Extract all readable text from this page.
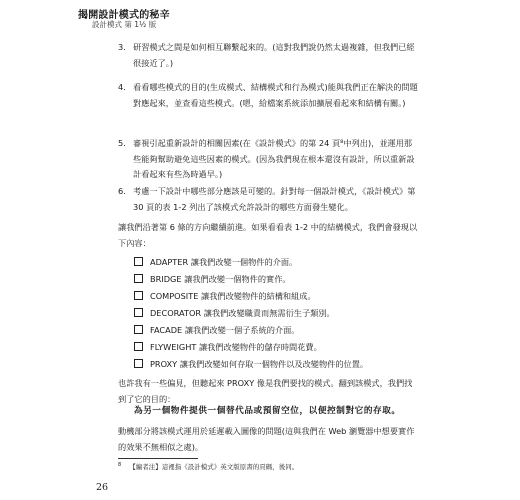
揭開設計模式的秘辛
設計模式 第 1½ 版
3. 研習模式之間是如何相互聯繫起來的。(這對我們說仍然太過複雜，但我們已經很接近了。)
4. 看看哪些模式的目的(生成模式、結構模式和行為模式)能與我們正在解決的問題對應起來，並查看這些模式。(嗯，給檔案系統添加擴展看起來和結構有關。)
5. 審視引起重新設計的相關因素(在《設計模式》的第 24 頁⁸中列出)，並運用那些能夠幫助避免這些因素的模式。(因為我們現在根本還沒有設計，所以重新設計看起來有些為時過早。)
6. 考慮一下設計中哪些部分應該是可變的。針對每一個設計模式，《設計模式》第 30 頁的表 1-2 列出了該模式允許設計的哪些方面發生變化。
讓我們沿著第 6 條的方向繼續前進。如果看看表 1-2 中的結構模式，我們會發現以下內容：
ADAPTER 讓我們改變一個物件的介面。
BRIDGE 讓我們改變一個物件的實作。
COMPOSITE 讓我們改變物件的結構和組成。
DECORATOR 讓我們改變職責而無需衍生子類別。
FACADE 讓我們改變一個子系統的介面。
FLYWEIGHT 讓我們改變物件的儲存時間花費。
PROXY 讓我們改變如何存取一個物件以及改變物件的位置。
也許我有一些偏見，但聽起來 PROXY 像是我們要找的模式。翻到該模式，我們找到了它的目的：
為另一個物件提供一個替代品或預留空位，以便控制對它的存取。
動機部分將該模式運用於延遲載入圖像的問題(這與我們在 Web 瀏覽器中想要實作的效果不無相似之處)。
$^8$ 【編者注】這裡指《設計模式》英文版原書的頁碼，後同。
26
